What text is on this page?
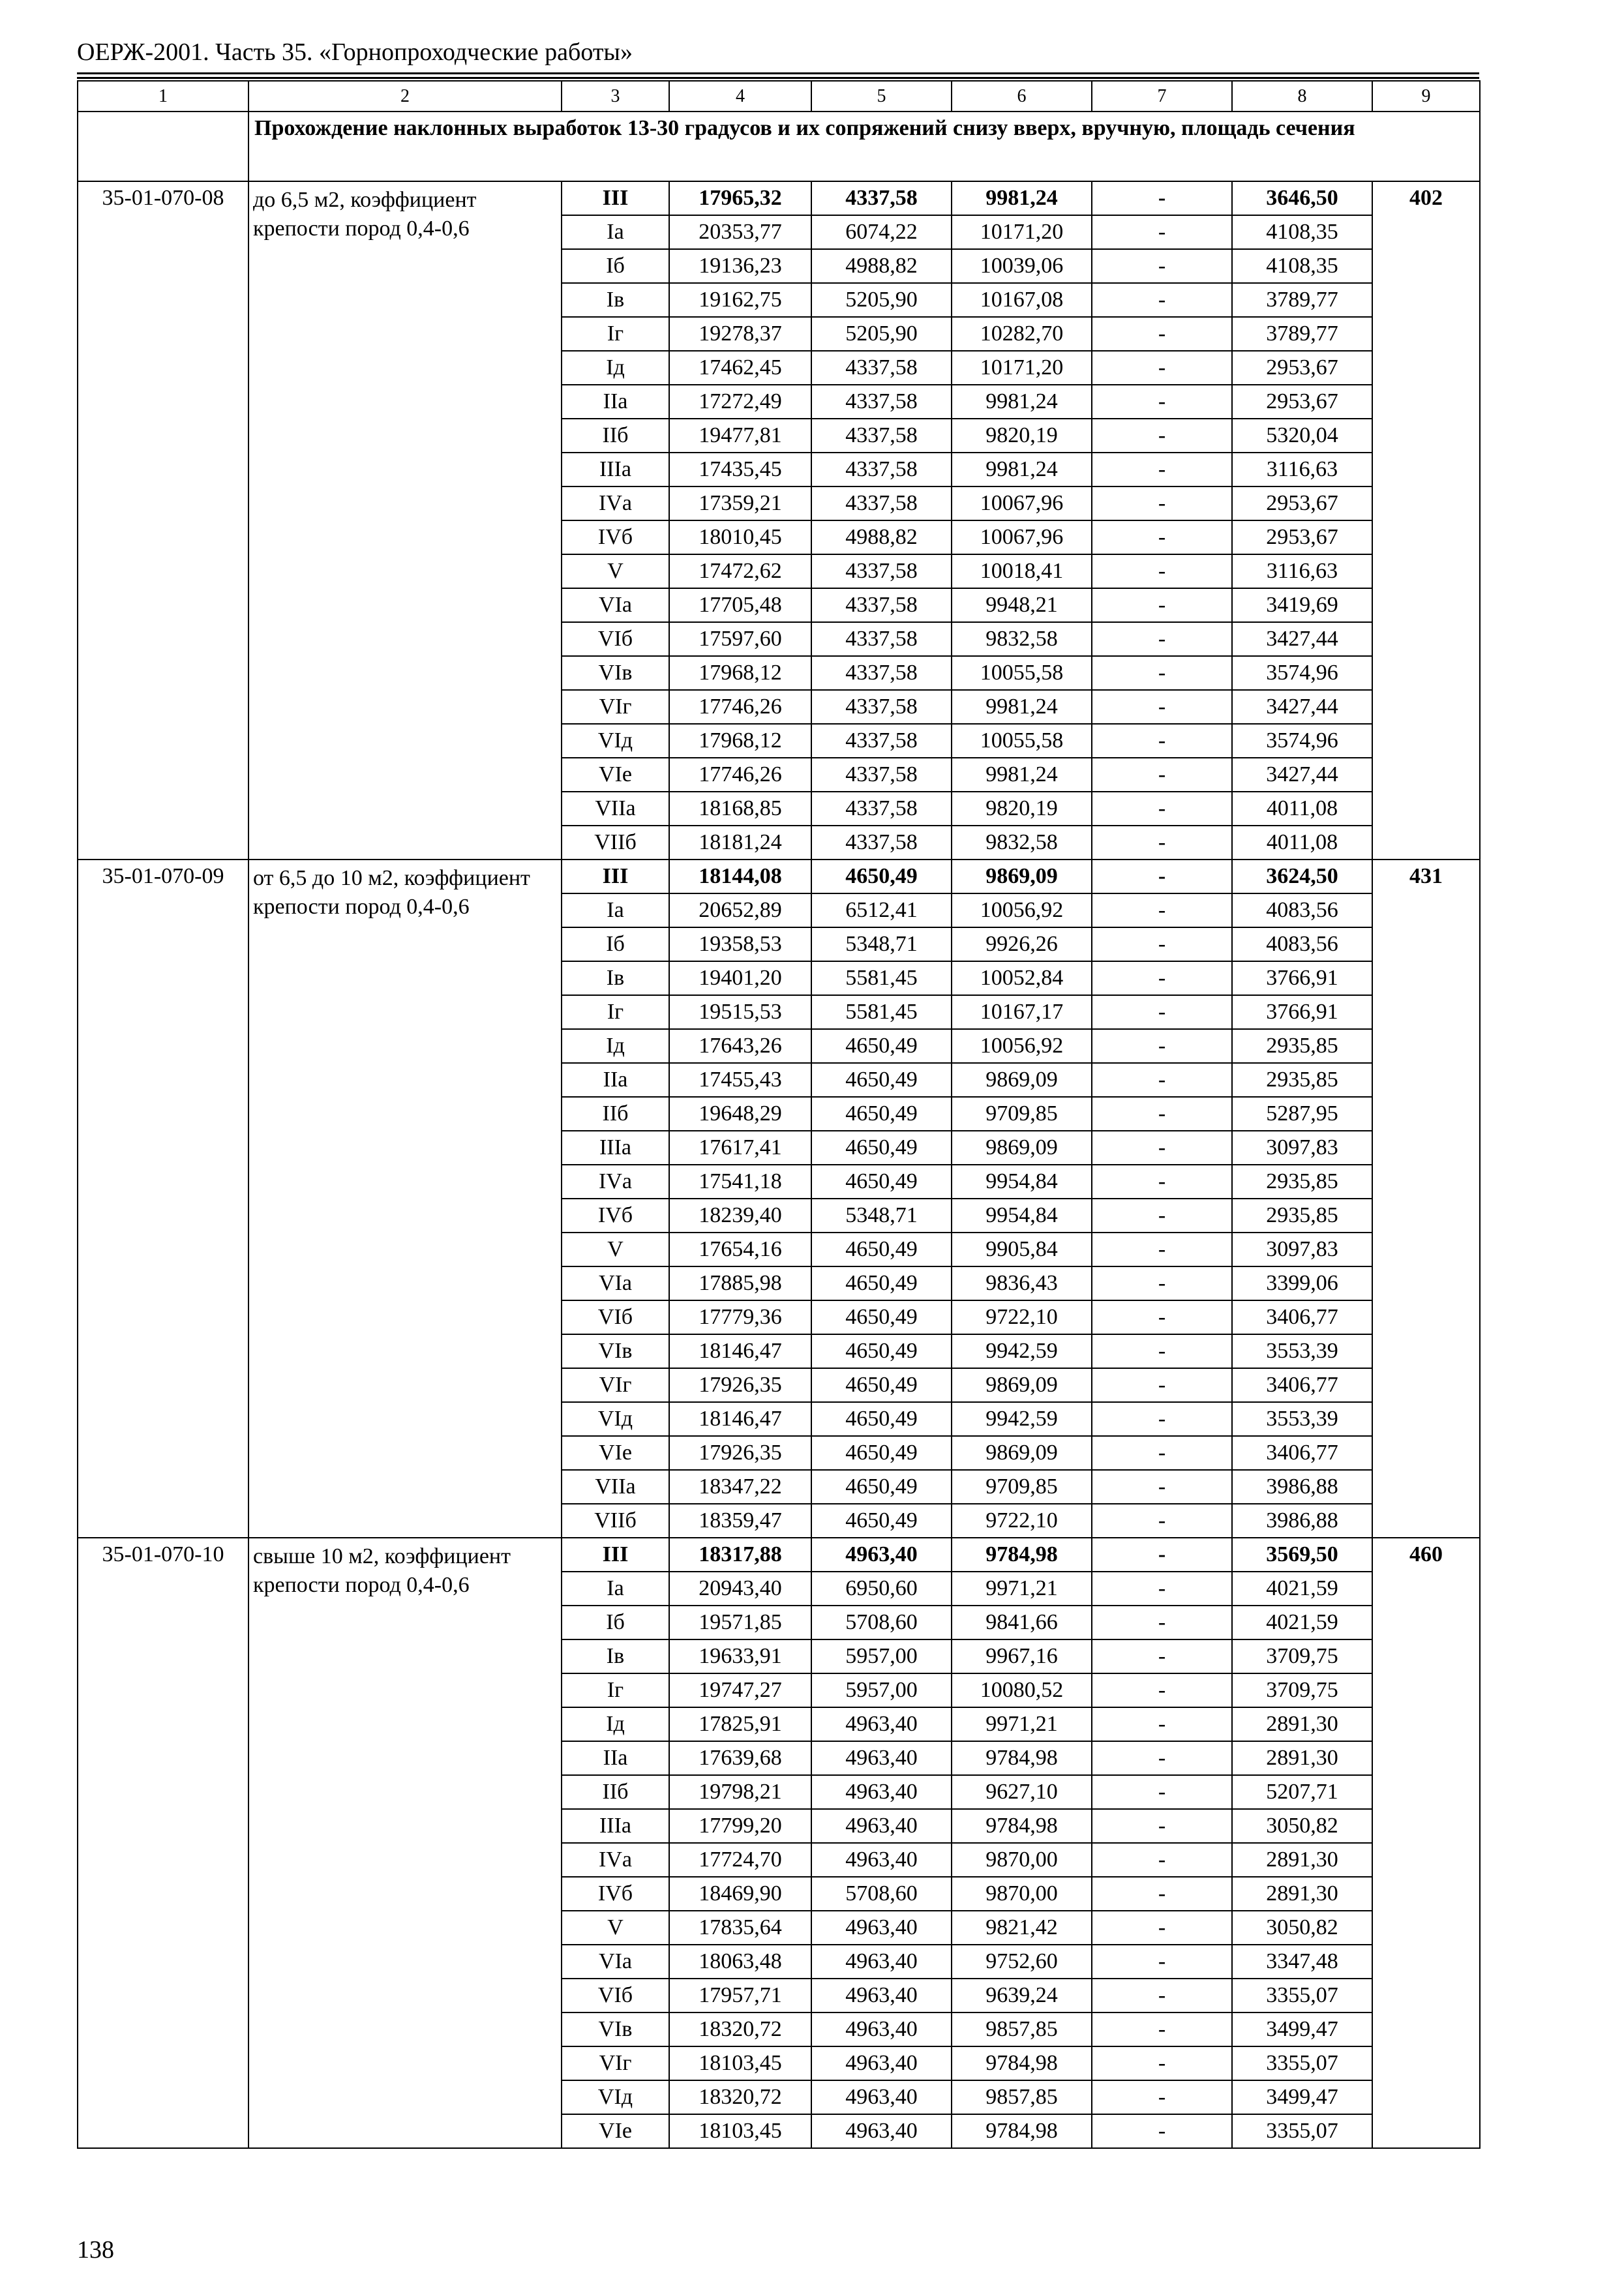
ОЕРЖ-2001. Часть 35. «Горнопроходческие работы»
1	2	3	4	5	6	7	8	9
	Прохождение наклонных выработок 13-30 градусов и их сопряжений снизу вверх, вручную, площадь сечения							
35-01-070-08	до 6,5 м2, коэффициент крепости пород 0,4-0,6	III	17965,32	4337,58	9981,24	-	3646,50	402
		Iа	20353,77	6074,22	10171,20	-	4108,35	
		Iб	19136,23	4988,82	10039,06	-	4108,35	
		Iв	19162,75	5205,90	10167,08	-	3789,77	
		Iг	19278,37	5205,90	10282,70	-	3789,77	
		Iд	17462,45	4337,58	10171,20	-	2953,67	
		IIа	17272,49	4337,58	9981,24	-	2953,67	
		IIб	19477,81	4337,58	9820,19	-	5320,04	
		IIIа	17435,45	4337,58	9981,24	-	3116,63	
		IVа	17359,21	4337,58	10067,96	-	2953,67	
		IVб	18010,45	4988,82	10067,96	-	2953,67	
		V	17472,62	4337,58	10018,41	-	3116,63	
		VIа	17705,48	4337,58	9948,21	-	3419,69	
		VIб	17597,60	4337,58	9832,58	-	3427,44	
		VIв	17968,12	4337,58	10055,58	-	3574,96	
		VIг	17746,26	4337,58	9981,24	-	3427,44	
		VIд	17968,12	4337,58	10055,58	-	3574,96	
		VIе	17746,26	4337,58	9981,24	-	3427,44	
		VIIа	18168,85	4337,58	9820,19	-	4011,08	
		VIIб	18181,24	4337,58	9832,58	-	4011,08	
35-01-070-09	от 6,5 до 10 м2, коэффициент крепости пород 0,4-0,6	III	18144,08	4650,49	9869,09	-	3624,50	431
		Iа	20652,89	6512,41	10056,92	-	4083,56	
		Iб	19358,53	5348,71	9926,26	-	4083,56	
		Iв	19401,20	5581,45	10052,84	-	3766,91	
		Iг	19515,53	5581,45	10167,17	-	3766,91	
		Iд	17643,26	4650,49	10056,92	-	2935,85	
		IIа	17455,43	4650,49	9869,09	-	2935,85	
		IIб	19648,29	4650,49	9709,85	-	5287,95	
		IIIа	17617,41	4650,49	9869,09	-	3097,83	
		IVа	17541,18	4650,49	9954,84	-	2935,85	
		IVб	18239,40	5348,71	9954,84	-	2935,85	
		V	17654,16	4650,49	9905,84	-	3097,83	
		VIа	17885,98	4650,49	9836,43	-	3399,06	
		VIб	17779,36	4650,49	9722,10	-	3406,77	
		VIв	18146,47	4650,49	9942,59	-	3553,39	
		VIг	17926,35	4650,49	9869,09	-	3406,77	
		VIд	18146,47	4650,49	9942,59	-	3553,39	
		VIе	17926,35	4650,49	9869,09	-	3406,77	
		VIIа	18347,22	4650,49	9709,85	-	3986,88	
		VIIб	18359,47	4650,49	9722,10	-	3986,88	
35-01-070-10	свыше 10 м2, коэффициент крепости пород 0,4-0,6	III	18317,88	4963,40	9784,98	-	3569,50	460
		Iа	20943,40	6950,60	9971,21	-	4021,59	
		Iб	19571,85	5708,60	9841,66	-	4021,59	
		Iв	19633,91	5957,00	9967,16	-	3709,75	
		Iг	19747,27	5957,00	10080,52	-	3709,75	
		Iд	17825,91	4963,40	9971,21	-	2891,30	
		IIа	17639,68	4963,40	9784,98	-	2891,30	
		IIб	19798,21	4963,40	9627,10	-	5207,71	
		IIIа	17799,20	4963,40	9784,98	-	3050,82	
		IVа	17724,70	4963,40	9870,00	-	2891,30	
		IVб	18469,90	5708,60	9870,00	-	2891,30	
		V	17835,64	4963,40	9821,42	-	3050,82	
		VIа	18063,48	4963,40	9752,60	-	3347,48	
		VIб	17957,71	4963,40	9639,24	-	3355,07	
		VIв	18320,72	4963,40	9857,85	-	3499,47	
		VIг	18103,45	4963,40	9784,98	-	3355,07	
		VIд	18320,72	4963,40	9857,85	-	3499,47	
		VIе	18103,45	4963,40	9784,98	-	3355,07	
138
